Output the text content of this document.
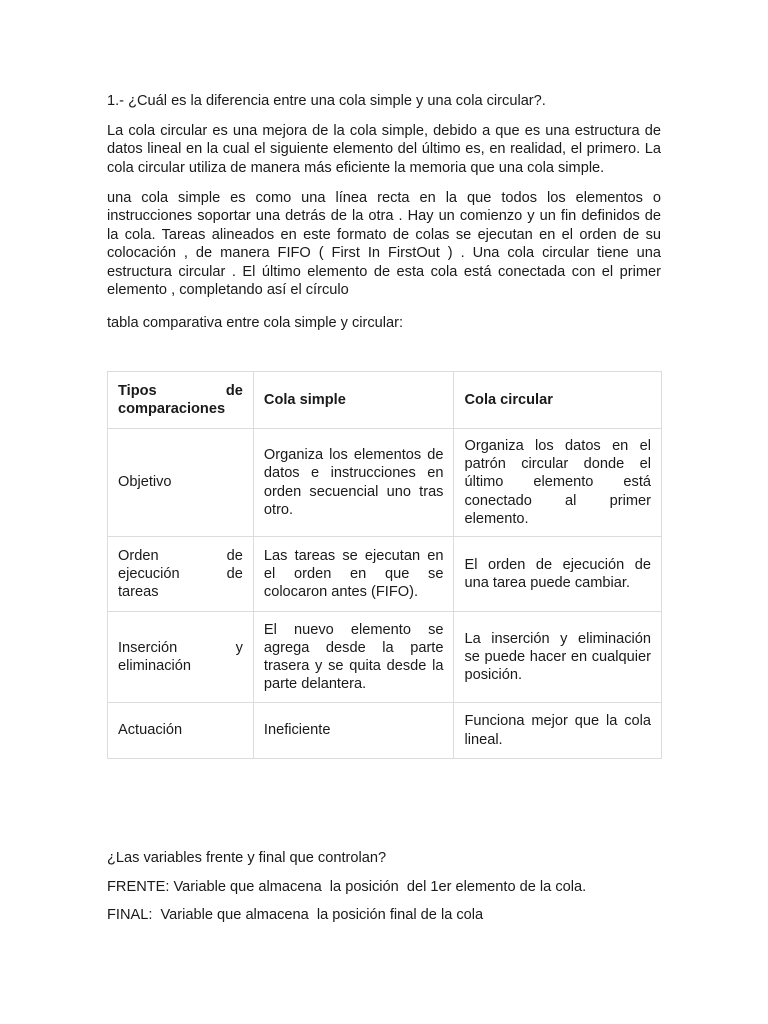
1.- ¿Cuál es la diferencia entre una cola simple y una cola circular?.

La cola circular es una mejora de la cola simple, debido a que es una estructura de datos lineal en la cual el siguiente elemento del último es, en realidad, el primero. La cola circular utiliza de manera más eficiente la memoria que una cola simple.

una cola simple es como una línea recta en la que todos los elementos o instrucciones soportar una detrás de la otra . Hay un comienzo y un fin definidos de la cola. Tareas alineados en este formato de colas se ejecutan en el orden de su colocación , de manera FIFO ( First In FirstOut ) . Una cola circular tiene una estructura circular . El último elemento de esta cola está conectada con el primer elemento , completando así el círculo

tabla comparativa entre cola simple y circular:

Tipos de comparaciones	Cola simple	Cola circular
Objetivo	Organiza los elementos de datos e instrucciones en orden secuencial uno tras otro.	Organiza los datos en el patrón circular donde el último elemento está conectado al primer elemento.
Orden de ejecución de tareas	Las tareas se ejecutan en el orden en que se colocaron antes (FIFO).	El orden de ejecución de una tarea puede cambiar.
Inserción y eliminación	El nuevo elemento se agrega desde la parte trasera y se quita desde la parte delantera.	La inserción y eliminación se puede hacer en cualquier posición.
Actuación	Ineficiente	Funciona mejor que la cola lineal.

¿Las variables frente y final que controlan?

FRENTE: Variable que almacena  la posición  del 1er elemento de la cola.

FINAL:  Variable que almacena  la posición final de la cola
